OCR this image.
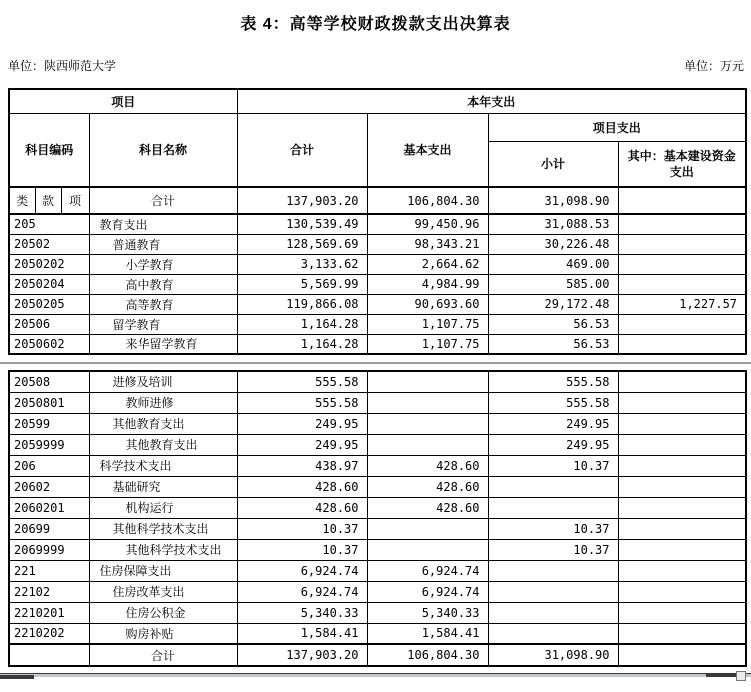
表 4：高等学校财政拨款支出决算表
单位：陕西师范大学	单位：万元
项目				本年支出			
科目编码			科目名称	合计	基本支出	项目支出	
						小计	其中：基本建设资金支出
类	款	项	合计	137,903.20	106,804.30	31,098.90	
205			教育支出	130,539.49	99,450.96	31,088.53	
20502			普通教育	128,569.69	98,343.21	30,226.48	
2050202			小学教育	3,133.62	2,664.62	469.00	
2050204			高中教育	5,569.99	4,984.99	585.00	
2050205			高等教育	119,866.08	90,693.60	29,172.48	1,227.57
20506			留学教育	1,164.28	1,107.75	56.53	
2050602			来华留学教育	1,164.28	1,107.75	56.53	
20508	进修及培训	555.58		555.58	
2050801	教师进修	555.58		555.58	
20599	其他教育支出	249.95		249.95	
2059999	其他教育支出	249.95		249.95	
206	科学技术支出	438.97	428.60	10.37	
20602	基础研究	428.60	428.60		
2060201	机构运行	428.60	428.60		
20699	其他科学技术支出	10.37		10.37	
2069999	其他科学技术支出	10.37		10.37	
221	住房保障支出	6,924.74	6,924.74		
22102	住房改革支出	6,924.74	6,924.74		
2210201	住房公积金	5,340.33	5,340.33		
2210202	购房补贴	1,584.41	1,584.41		
	合计	137,903.20	106,804.30	31,098.90	
